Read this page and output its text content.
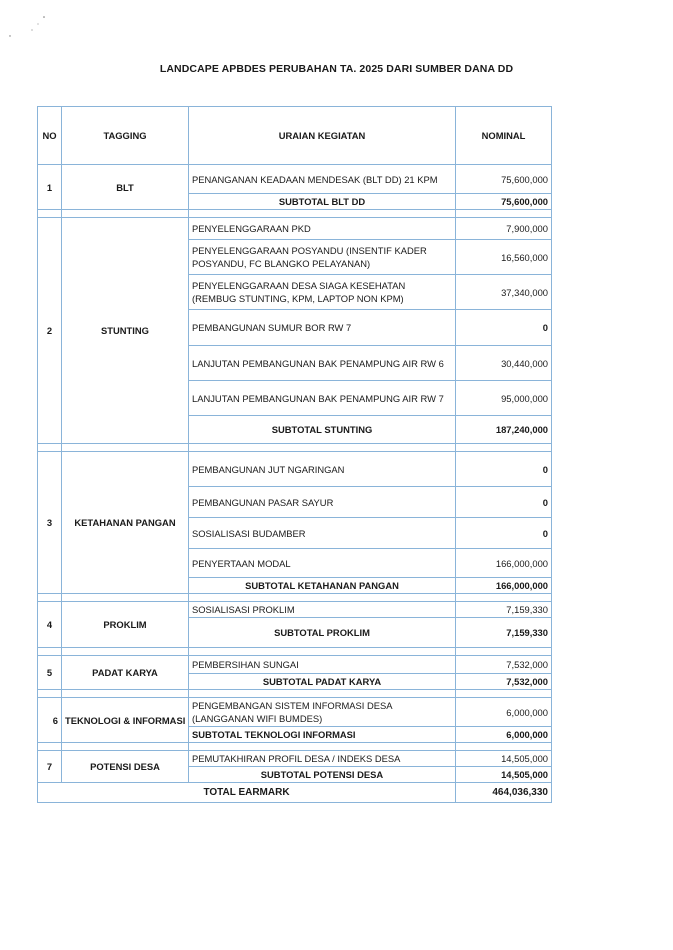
LANDCAPE APBDES PERUBAHAN TA. 2025 DARI SUMBER DANA DD
NO	TAGGING	URAIAN KEGIATAN	NOMINAL
1	BLT	PENANGANAN KEADAAN MENDESAK (BLT DD) 21 KPM	75,600,000
		SUBTOTAL BLT DD	75,600,000

2	STUNTING	PENYELENGGARAAN PKD	7,900,000
		PENYELENGGARAAN POSYANDU (INSENTIF KADER POSYANDU, FC BLANGKO PELAYANAN)	16,560,000
		PENYELENGGARAAN DESA SIAGA KESEHATAN (REMBUG STUNTING, KPM, LAPTOP NON KPM)	37,340,000
		PEMBANGUNAN SUMUR BOR RW 7	0
		LANJUTAN PEMBANGUNAN BAK PENAMPUNG AIR RW 6	30,440,000
		LANJUTAN PEMBANGUNAN BAK PENAMPUNG AIR RW 7	95,000,000
		SUBTOTAL STUNTING	187,240,000

3	KETAHANAN PANGAN	PEMBANGUNAN JUT NGARINGAN	0
		PEMBANGUNAN PASAR SAYUR	0
		SOSIALISASI BUDAMBER	0
		PENYERTAAN MODAL	166,000,000
		SUBTOTAL KETAHANAN PANGAN	166,000,000

4	PROKLIM	SOSIALISASI PROKLIM	7,159,330
		SUBTOTAL PROKLIM	7,159,330

5	PADAT KARYA	PEMBERSIHAN SUNGAI	7,532,000
		SUBTOTAL PADAT KARYA	7,532,000

6	TEKNOLOGI & INFORMASI	PENGEMBANGAN SISTEM INFORMASI DESA (LANGGANAN WIFI BUMDES)	6,000,000
		SUBTOTAL TEKNOLOGI INFORMASI	6,000,000

7	POTENSI DESA	PEMUTAKHIRAN PROFIL DESA / INDEKS DESA	14,505,000
		SUBTOTAL POTENSI DESA	14,505,000
TOTAL EARMARK			464,036,330
